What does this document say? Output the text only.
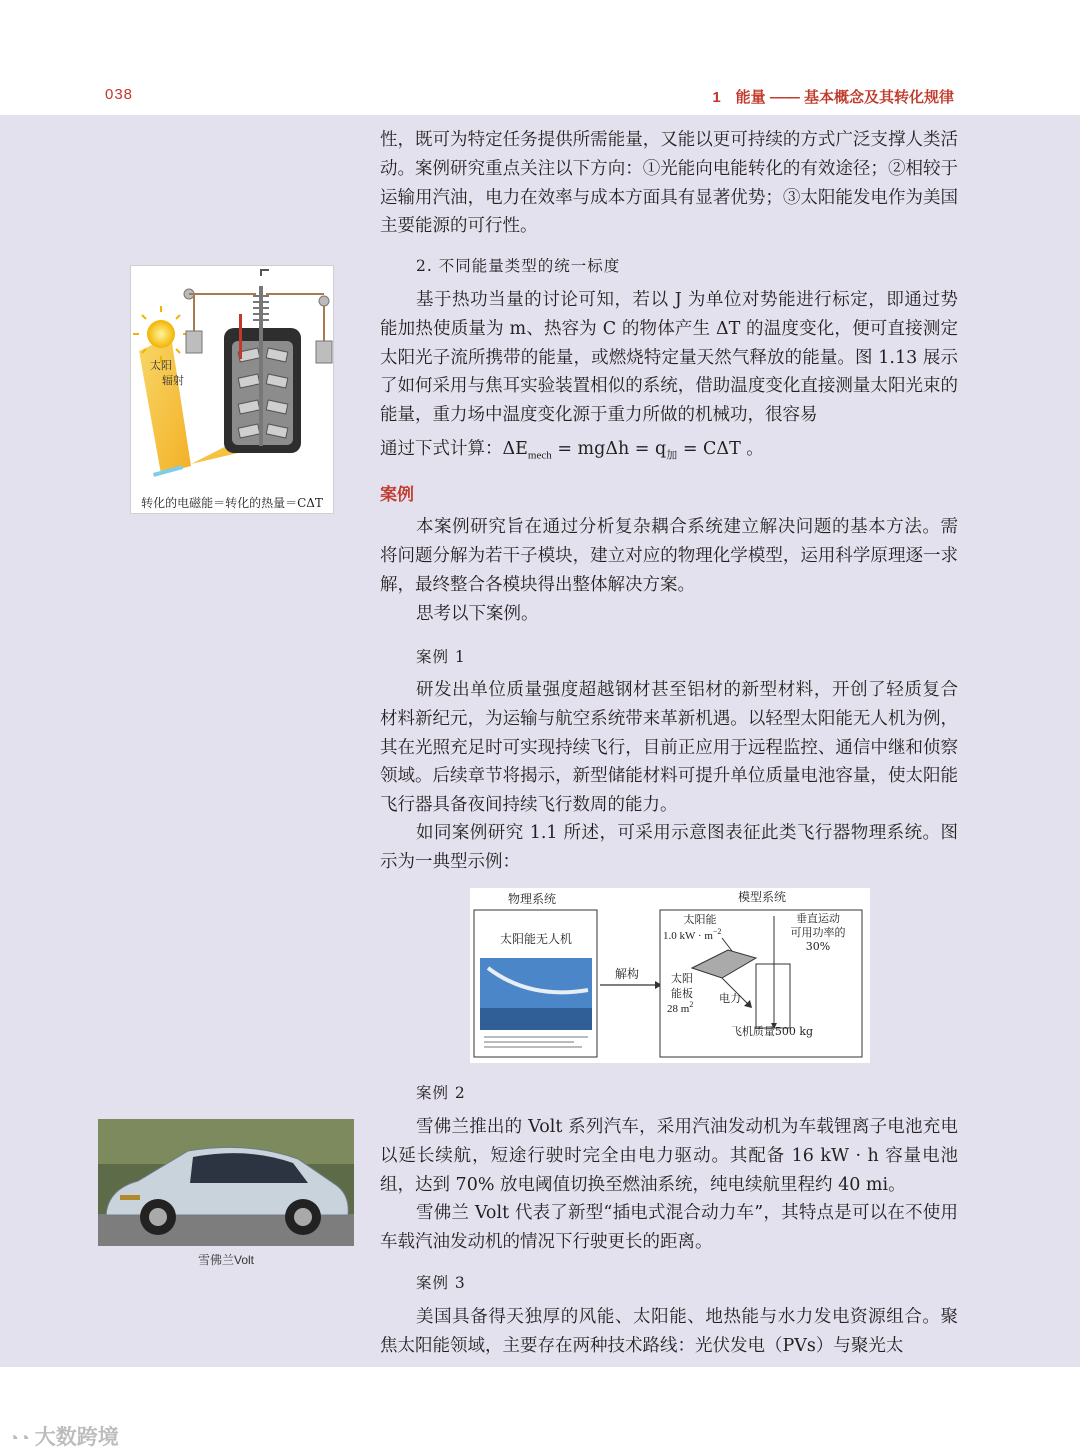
038	1　能量 —— 基本概念及其转化规律
太阳
辐射
转化的电磁能＝转化的热量＝CΔT

性，既可为特定任务提供所需能量，又能以更可持续的方式广泛支撑人类活动。案例研究重点关注以下方向：①光能向电能转化的有效途径；②相较于运输用汽油，电力在效率与成本方面具有显著优势；③太阳能发电作为美国主要能源的可行性。

2. 不同能量类型的统一标度

基于热功当量的讨论可知，若以 J 为单位对势能进行标定，即通过势能加热使质量为 m、热容为 C 的物体产生 ΔT 的温度变化，便可直接测定太阳光子流所携带的能量，或燃烧特定量天然气释放的能量。图 1.13 展示了如何采用与焦耳实验装置相似的系统，借助温度变化直接测量太阳光束的能量，重力场中温度变化源于重力所做的机械功，很容易

通过下式计算：$\Delta E_{mech} = mg\Delta h = q_加 = C\Delta T$ 。
案例

本案例研究旨在通过分析复杂耦合系统建立解决问题的基本方法。需将问题分解为若干子模块，建立对应的物理化学模型，运用科学原理逐一求解，最终整合各模块得出整体解决方案。

思考以下案例。

案例 1

研发出单位质量强度超越钢材甚至铝材的新型材料，开创了轻质复合材料新纪元，为运输与航空系统带来革新机遇。以轻型太阳能无人机为例，其在光照充足时可实现持续飞行，目前正应用于远程监控、通信中继和侦察领域。后续章节将揭示，新型储能材料可提升单位质量电池容量，使太阳能飞行器具备夜间持续飞行数周的能力。

如同案例研究 1.1 所述，可采用示意图表征此类飞行器物理系统。图示为一典型示例：

物理系统
太阳能无人机
解构
模型系统
太阳能
1.0 kW · $m^{-2}$
垂直运动
可用功率的
30%
太阳
能板
28 $m^2$ 电力
飞机质量500 kg
案例 2
雪佛兰Volt

雪佛兰推出的 Volt 系列汽车，采用汽油发动机为车载锂离子电池充电以延长续航，短途行驶时完全由电力驱动。其配备 16 kW · h 容量电池组，达到 70% 放电阈值切换至燃油系统，纯电续航里程约 40 mi。

雪佛兰 Volt 代表了新型“插电式混合动力车”，其特点是可以在不使用车载汽油发动机的情况下行驶更长的距离。

案例 3

美国具备得天独厚的风能、太阳能、地热能与水力发电资源组合。聚焦太阳能领域，主要存在两种技术路线：光伏发电（PVs）与聚光太

◔◔ 大数跨境
